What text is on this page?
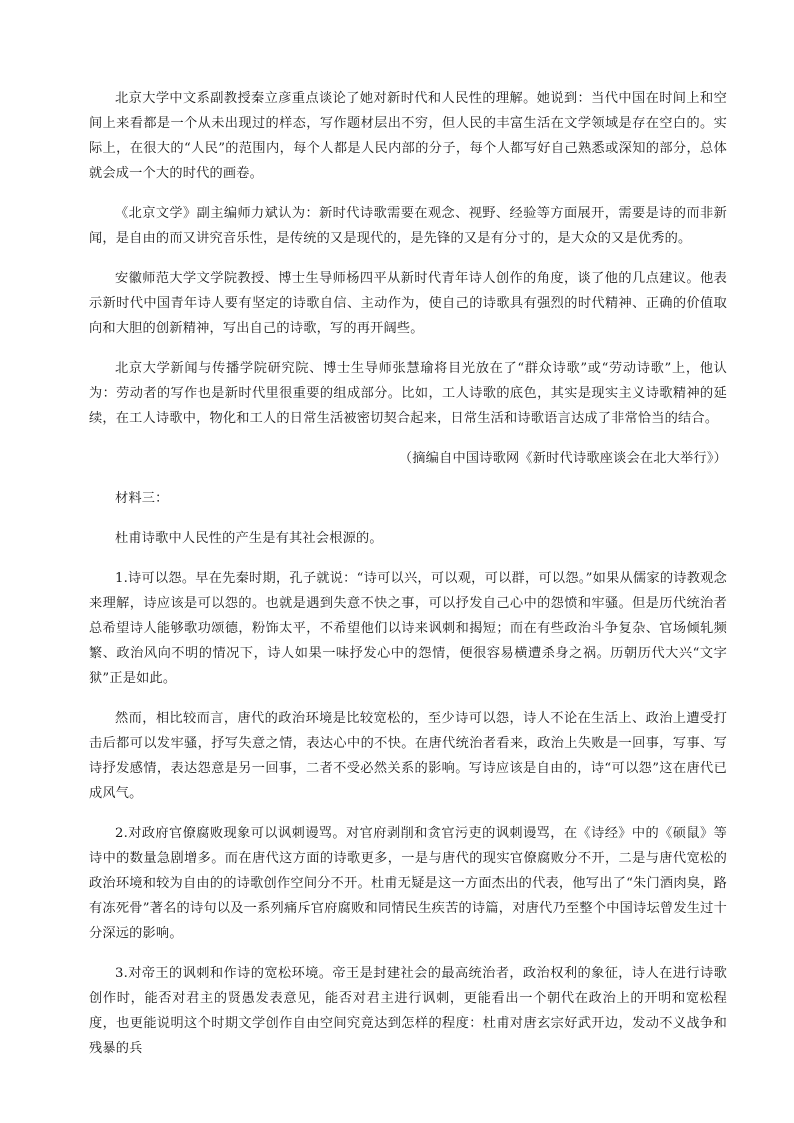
北京大学中文系副教授秦立彦重点谈论了她对新时代和人民性的理解。她说到：当代中国在时间上和空间上来看都是一个从未出现过的样态，写作题材层出不穷，但人民的丰富生活在文学领域是存在空白的。实际上，在很大的“人民”的范围内，每个人都是人民内部的分子，每个人都写好自己熟悉或深知的部分，总体就会成一个大的时代的画卷。

《北京文学》副主编师力斌认为：新时代诗歌需要在观念、视野、经验等方面展开，需要是诗的而非新闻，是自由的而又讲究音乐性，是传统的又是现代的，是先锋的又是有分寸的，是大众的又是优秀的。

安徽师范大学文学院教授、博士生导师杨四平从新时代青年诗人创作的角度，谈了他的几点建议。他表示新时代中国青年诗人要有坚定的诗歌自信、主动作为，使自己的诗歌具有强烈的时代精神、正确的价值取向和大胆的创新精神，写出自己的诗歌，写的再开阔些。

北京大学新闻与传播学院研究院、博士生导师张慧瑜将目光放在了“群众诗歌”或“劳动诗歌”上，他认为：劳动者的写作也是新时代里很重要的组成部分。比如，工人诗歌的底色，其实是现实主义诗歌精神的延续，在工人诗歌中，物化和工人的日常生活被密切契合起来，日常生活和诗歌语言达成了非常恰当的结合。

（摘编自中国诗歌网《新时代诗歌座谈会在北大举行》）

材料三：

杜甫诗歌中人民性的产生是有其社会根源的。

1.诗可以怨。早在先秦时期，孔子就说：“诗可以兴，可以观，可以群，可以怨。”如果从儒家的诗教观念来理解，诗应该是可以怨的。也就是遇到失意不快之事，可以抒发自己心中的怨愤和牢骚。但是历代统治者总希望诗人能够歌功颂德，粉饰太平，不希望他们以诗来讽刺和揭短；而在有些政治斗争复杂、官场倾轧频繁、政治风向不明的情况下，诗人如果一味抒发心中的怨情，便很容易横遭杀身之祸。历朝历代大兴“文字狱”正是如此。

然而，相比较而言，唐代的政治环境是比较宽松的，至少诗可以怨，诗人不论在生活上、政治上遭受打击后都可以发牢骚，抒写失意之情，表达心中的不快。在唐代统治者看来，政治上失败是一回事，写事、写诗抒发感情，表达怨意是另一回事，二者不受必然关系的影响。写诗应该是自由的，诗“可以怨”这在唐代已成风气。

2.对政府官僚腐败现象可以讽刺谩骂。对官府剥削和贪官污吏的讽刺谩骂，在《诗经》中的《硕鼠》等诗中的数量急剧增多。而在唐代这方面的诗歌更多，一是与唐代的现实官僚腐败分不开，二是与唐代宽松的政治环境和较为自由的的诗歌创作空间分不开。杜甫无疑是这一方面杰出的代表，他写出了“朱门酒肉臭，路有冻死骨”著名的诗句以及一系列痛斥官府腐败和同情民生疾苦的诗篇，对唐代乃至整个中国诗坛曾发生过十分深远的影响。

3.对帝王的讽刺和作诗的宽松环境。帝王是封建社会的最高统治者，政治权利的象征，诗人在进行诗歌创作时，能否对君主的贤愚发表意见，能否对君主进行讽刺，更能看出一个朝代在政治上的开明和宽松程度，也更能说明这个时期文学创作自由空间究竟达到怎样的程度：杜甫对唐玄宗好武开边，发动不义战争和残暴的兵
